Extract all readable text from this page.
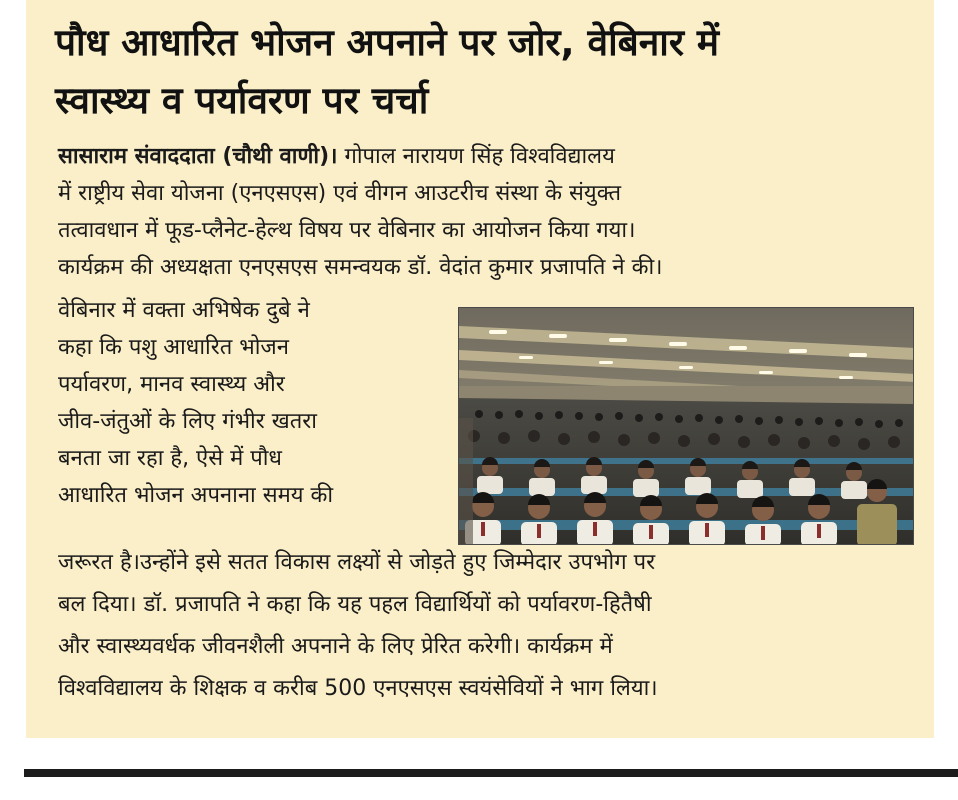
पौध आधारित भोजन अपनाने पर जोर, वेबिनार में
स्वास्थ्य व पर्यावरण पर चर्चा

सासाराम संवाददाता (चौथी वाणी)। गोपाल नारायण सिंह विश्वविद्यालय

में राष्ट्रीय सेवा योजना (एनएसएस) एवं वीगन आउटरीच संस्था के संयुक्त

तत्वावधान में फूड-प्लैनेट-हेल्थ विषय पर वेबिनार का आयोजन किया गया।

कार्यक्रम की अध्यक्षता एनएसएस समन्वयक डॉ. वेदांत कुमार प्रजापति ने की।

वेबिनार में वक्ता अभिषेक दुबे ने

कहा कि पशु आधारित भोजन

पर्यावरण, मानव स्वास्थ्य और

जीव-जंतुओं के लिए गंभीर खतरा

बनता जा रहा है, ऐसे में पौध

आधारित भोजन अपनाना समय की

जरूरत है।उन्होंने इसे सतत विकास लक्ष्यों से जोड़ते हुए जिम्मेदार उपभोग पर

बल दिया। डॉ. प्रजापति ने कहा कि यह पहल विद्यार्थियों को पर्यावरण-हितैषी

और स्वास्थ्यवर्धक जीवनशैली अपनाने के लिए प्रेरित करेगी। कार्यक्रम में

विश्वविद्यालय के शिक्षक व करीब 500 एनएसएस स्वयंसेवियों ने भाग लिया।
